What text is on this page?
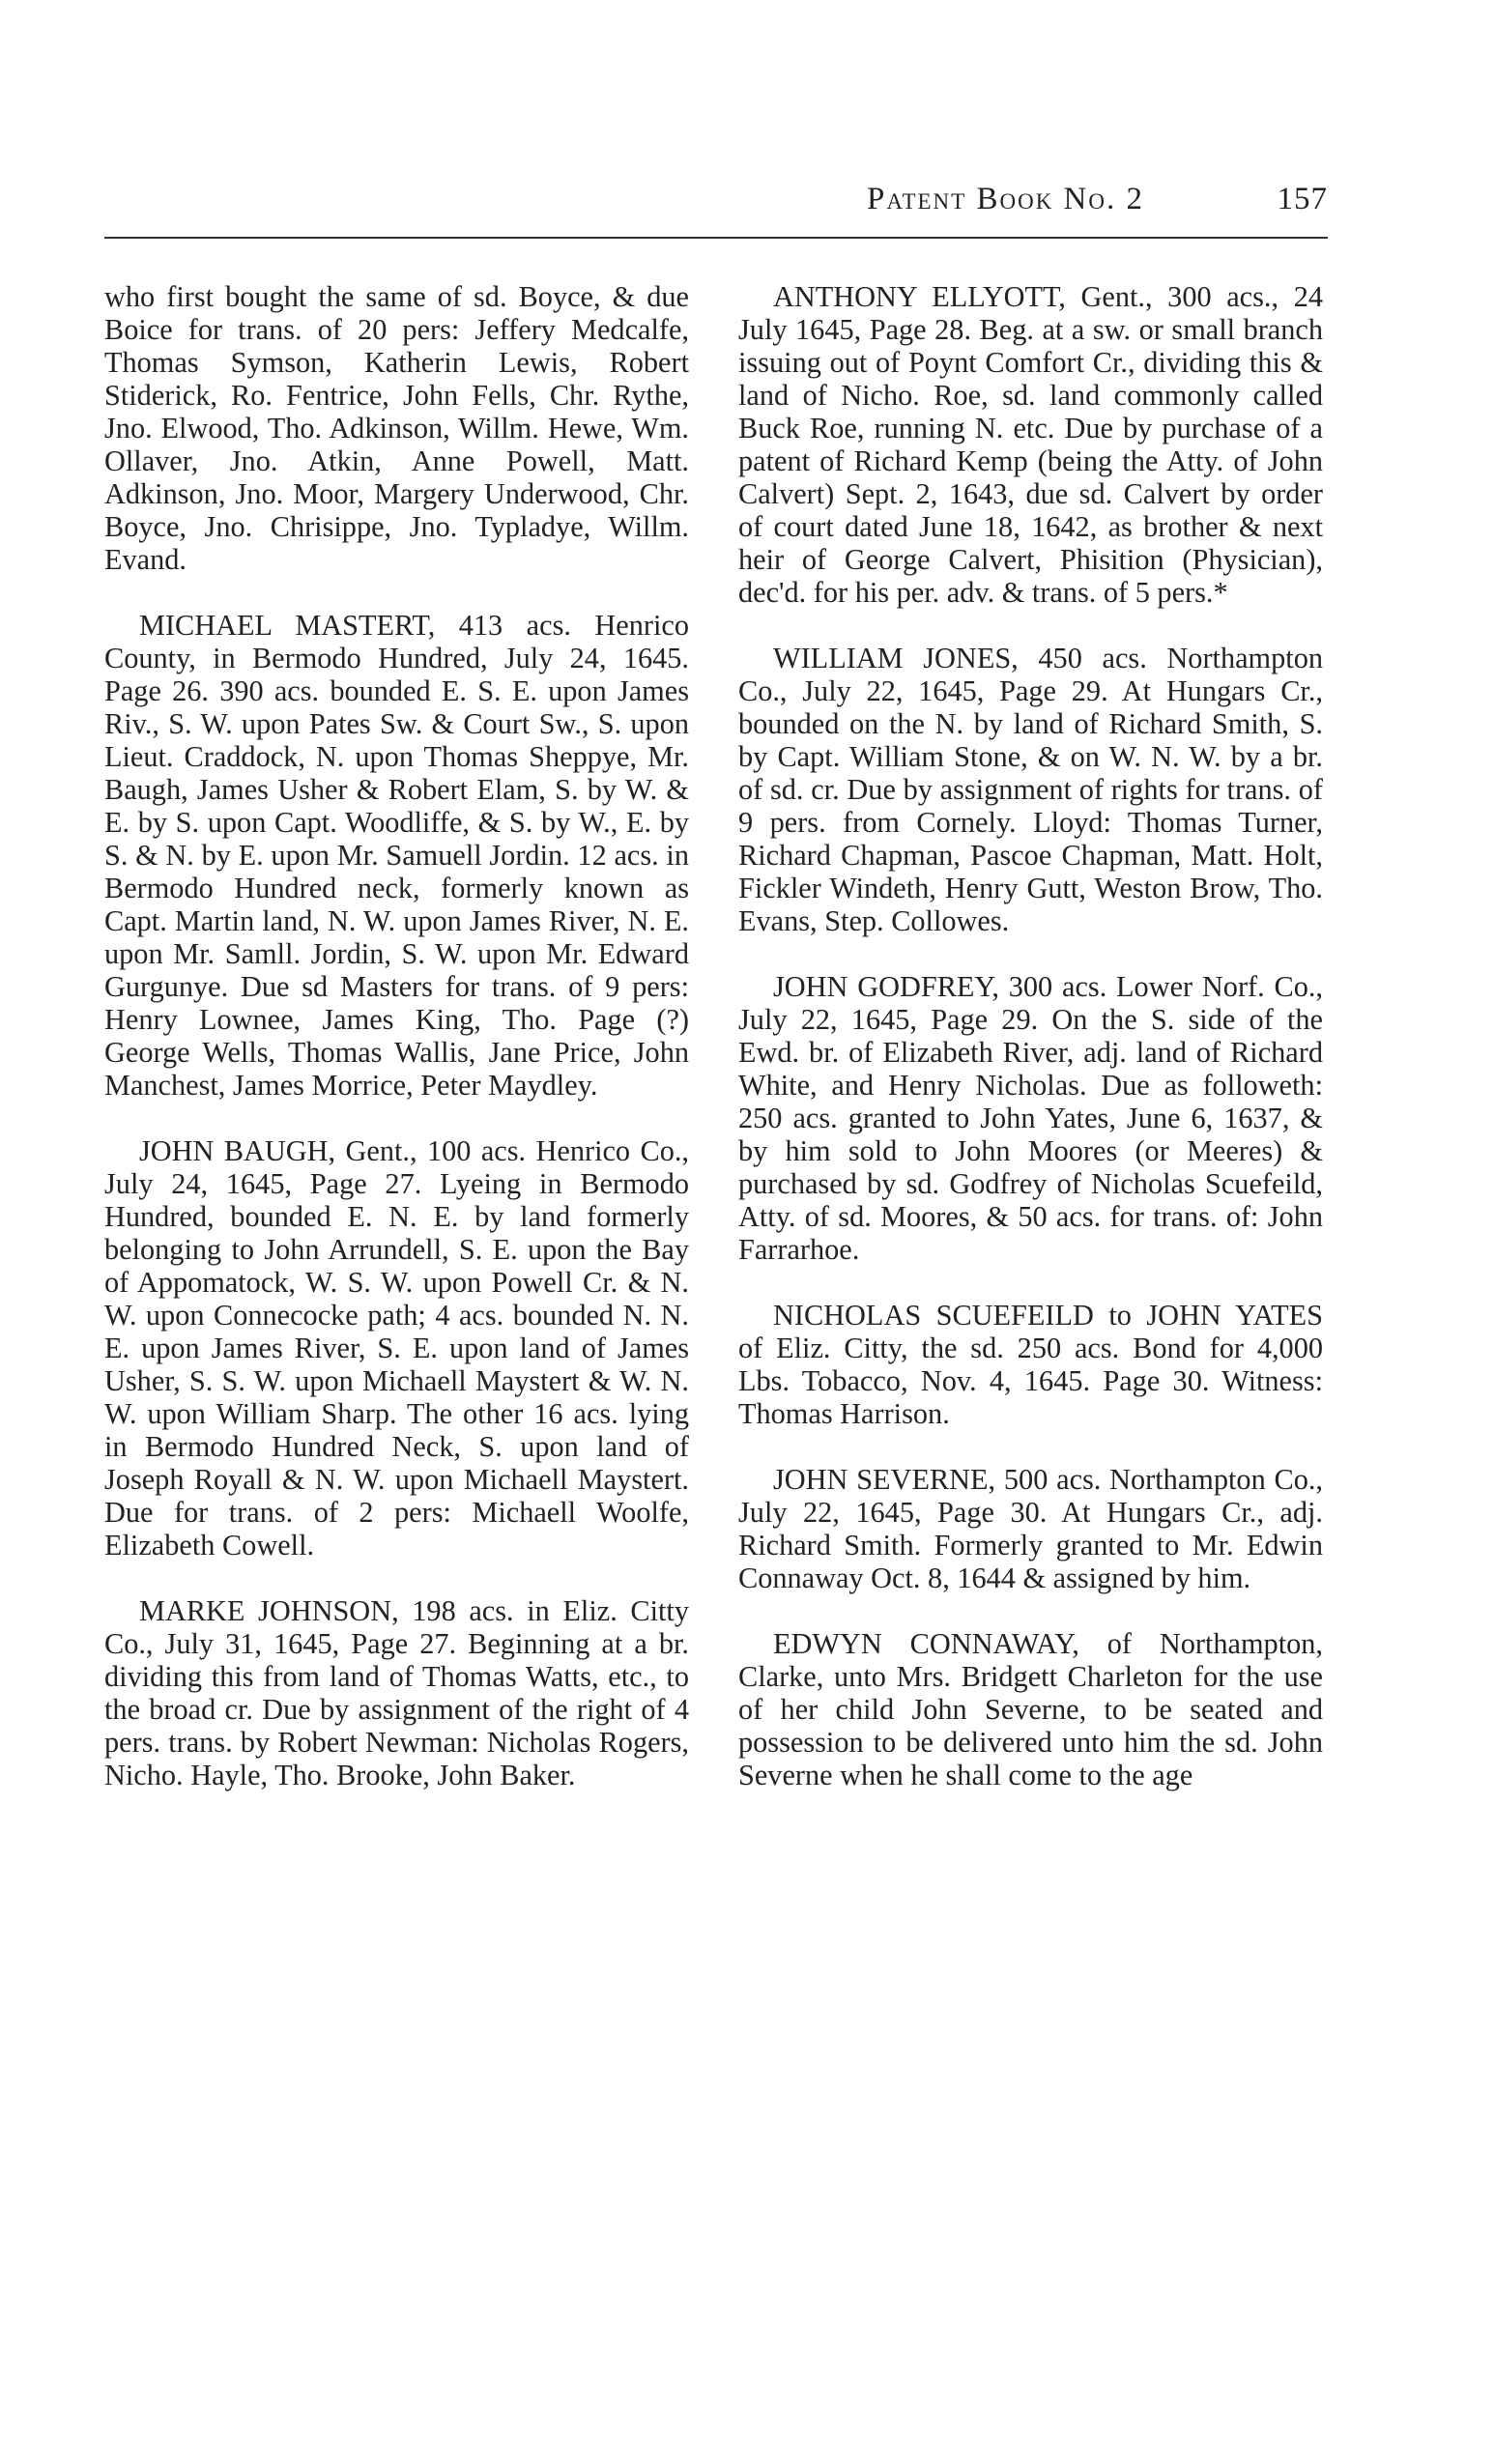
Patent Book No. 2	157

who first bought the same of sd. Boyce, & due Boice for trans. of 20 pers: Jeffery Medcalfe, Thomas Symson, Katherin Lewis, Robert Stiderick, Ro. Fentrice, John Fells, Chr. Rythe, Jno. Elwood, Tho. Adkinson, Willm. Hewe, Wm. Ollaver, Jno. Atkin, Anne Powell, Matt. Adkinson, Jno. Moor, Margery Underwood, Chr. Boyce, Jno. Chrisippe, Jno. Typladye, Willm. Evand.

MICHAEL MASTERT, 413 acs. Henrico County, in Bermodo Hundred, July 24, 1645. Page 26. 390 acs. bounded E. S. E. upon James Riv., S. W. upon Pates Sw. & Court Sw., S. upon Lieut. Craddock, N. upon Thomas Sheppye, Mr. Baugh, James Usher & Robert Elam, S. by W. & E. by S. upon Capt. Woodliffe, & S. by W., E. by S. & N. by E. upon Mr. Samuell Jordin. 12 acs. in Bermodo Hundred neck, formerly known as Capt. Martin land, N. W. upon James River, N. E. upon Mr. Samll. Jordin, S. W. upon Mr. Edward Gurgunye. Due sd Masters for trans. of 9 pers: Henry Lownee, James King, Tho. Page (?) George Wells, Thomas Wallis, Jane Price, John Manchest, James Morrice, Peter Maydley.

JOHN BAUGH, Gent., 100 acs. Henrico Co., July 24, 1645, Page 27. Lyeing in Bermodo Hundred, bounded E. N. E. by land formerly belonging to John Arrundell, S. E. upon the Bay of Appomatock, W. S. W. upon Powell Cr. & N. W. upon Connecocke path; 4 acs. bounded N. N. E. upon James River, S. E. upon land of James Usher, S. S. W. upon Michaell Maystert & W. N. W. upon William Sharp. The other 16 acs. lying in Bermodo Hundred Neck, S. upon land of Joseph Royall & N. W. upon Michaell Maystert. Due for trans. of 2 pers: Michaell Woolfe, Elizabeth Cowell.

MARKE JOHNSON, 198 acs. in Eliz. Citty Co., July 31, 1645, Page 27. Beginning at a br. dividing this from land of Thomas Watts, etc., to the broad cr. Due by assignment of the right of 4 pers. trans. by Robert Newman: Nicholas Rogers, Nicho. Hayle, Tho. Brooke, John Baker.

ANTHONY ELLYOTT, Gent., 300 acs., 24 July 1645, Page 28. Beg. at a sw. or small branch issuing out of Poynt Comfort Cr., dividing this & land of Nicho. Roe, sd. land commonly called Buck Roe, running N. etc. Due by purchase of a patent of Richard Kemp (being the Atty. of John Calvert) Sept. 2, 1643, due sd. Calvert by order of court dated June 18, 1642, as brother & next heir of George Calvert, Phisition (Physician), dec'd. for his per. adv. & trans. of 5 pers.*

WILLIAM JONES, 450 acs. Northampton Co., July 22, 1645, Page 29. At Hungars Cr., bounded on the N. by land of Richard Smith, S. by Capt. William Stone, & on W. N. W. by a br. of sd. cr. Due by assignment of rights for trans. of 9 pers. from Cornely. Lloyd: Thomas Turner, Richard Chapman, Pascoe Chapman, Matt. Holt, Fickler Windeth, Henry Gutt, Weston Brow, Tho. Evans, Step. Collowes.

JOHN GODFREY, 300 acs. Lower Norf. Co., July 22, 1645, Page 29. On the S. side of the Ewd. br. of Elizabeth River, adj. land of Richard White, and Henry Nicholas. Due as followeth: 250 acs. granted to John Yates, June 6, 1637, & by him sold to John Moores (or Meeres) & purchased by sd. Godfrey of Nicholas Scuefeild, Atty. of sd. Moores, & 50 acs. for trans. of: John Farrarhoe.

NICHOLAS SCUEFEILD to JOHN YATES of Eliz. Citty, the sd. 250 acs. Bond for 4,000 Lbs. Tobacco, Nov. 4, 1645. Page 30. Witness: Thomas Harrison.

JOHN SEVERNE, 500 acs. Northampton Co., July 22, 1645, Page 30. At Hungars Cr., adj. Richard Smith. Formerly granted to Mr. Edwin Connaway Oct. 8, 1644 & assigned by him.

EDWYN CONNAWAY, of Northampton, Clarke, unto Mrs. Bridgett Charleton for the use of her child John Severne, to be seated and possession to be delivered unto him the sd. John Severne when he shall come to the age
